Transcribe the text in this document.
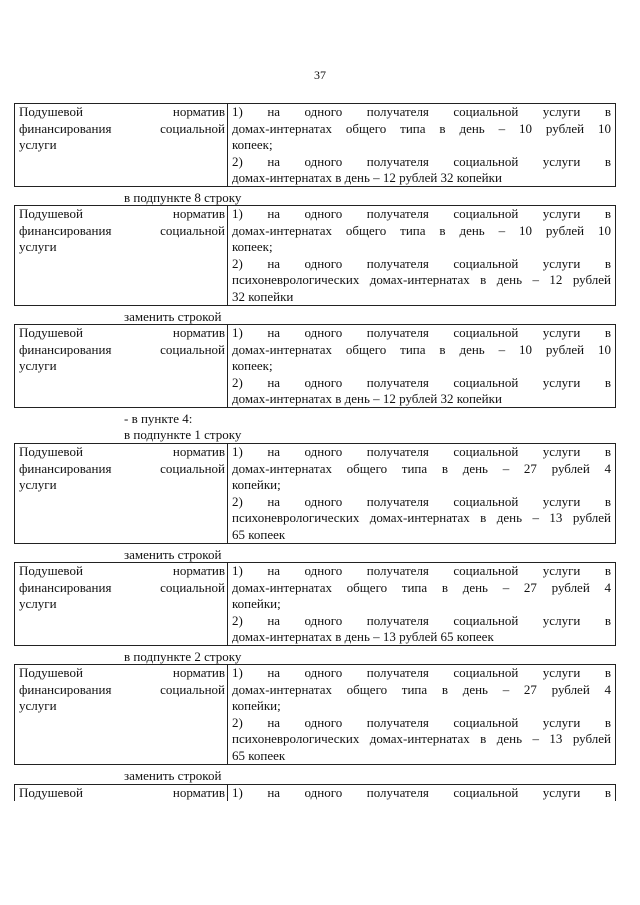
37
Подушевой норматив
финансирования социальной
услуги
1) на одного получателя социальной услуги в
домах-интернатах общего типа в день – 10 рублей 10
копеек;
2) на одного получателя социальной услуги в
домах-интернатах в день – 12 рублей 32 копейки
в подпункте 8 строку
Подушевой норматив
финансирования социальной
услуги
1) на одного получателя социальной услуги в
домах-интернатах общего типа в день – 10 рублей 10
копеек;
2) на одного получателя социальной услуги в
психоневрологических домах-интернатах в день – 12 рублей
32 копейки
заменить строкой
Подушевой норматив
финансирования социальной
услуги
1) на одного получателя социальной услуги в
домах-интернатах общего типа в день – 10 рублей 10
копеек;
2) на одного получателя социальной услуги в
домах-интернатах в день – 12 рублей 32 копейки
- в пункте 4:
в подпункте 1 строку
Подушевой норматив
финансирования социальной
услуги
1) на одного получателя социальной услуги в
домах-интернатах общего типа в день – 27 рублей 4
копейки;
2) на одного получателя социальной услуги в
психоневрологических домах-интернатах в день – 13 рублей
65 копеек
заменить строкой
Подушевой норматив
финансирования социальной
услуги
1) на одного получателя социальной услуги в
домах-интернатах общего типа в день – 27 рублей 4
копейки;
2) на одного получателя социальной услуги в
домах-интернатах в день – 13 рублей 65 копеек
в подпункте 2 строку
Подушевой норматив
финансирования социальной
услуги
1) на одного получателя социальной услуги в
домах-интернатах общего типа в день – 27 рублей 4
копейки;
2) на одного получателя социальной услуги в
психоневрологических домах-интернатах в день – 13 рублей
65 копеек
заменить строкой
Подушевой норматив 1) на одного получателя социальной услуги в
